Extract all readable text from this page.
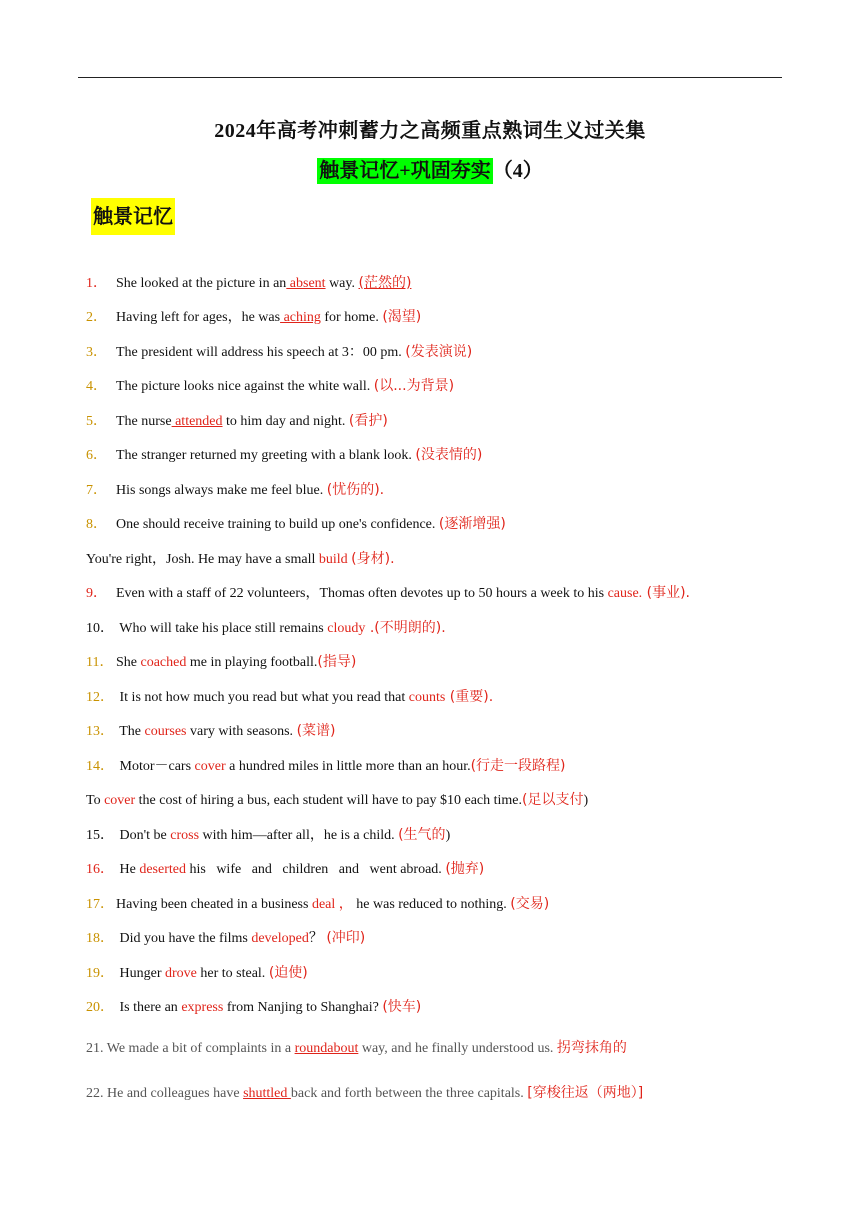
2024年高考冲刺蓄力之高频重点熟词生义过关集
触景记忆+巩固夯实 （4）
触景记忆
1． She looked at the picture in an absent way. (茫然的)
2． Having left for ages，he was aching for home. (渴望)
3． The president will address his speech at 3：00 pm. (发表演说)
4． The picture looks nice against the white wall. (以...为背景)
5． The nurse attended to him day and night. (看护)
6． The stranger returned my greeting with a blank look. (没表情的)
7． His songs always make me feel blue. (忧伤的).
8． One should receive training to build up one's confidence. (逐渐增强)
You're right，Josh. He may have a small build (身材).
9． Even with a staff of 22 volunteers，Thomas often devotes up to 50 hours a week to his cause. (事业).
10． Who will take his place still remains cloudy .(不明朗的).
11． She coached me in playing football.(指导)
12． It is not how much you read but what you read that counts (重要).
13． The courses vary with seasons. (菜谱)
14． Motor－cars cover a hundred miles in little more than an hour.(行走一段路程)
To cover the cost of hiring a bus, each student will have to pay $10 each time.(足以支付)
15． Don't be cross with him—after all，he is a child. (生气的)
16． He deserted his   wife   and   children   and   went abroad. (抛弃)
17． Having been cheated in a business deal ， he was reduced to nothing. (交易)
18． Did you have the films developed？ (冲印)
19． Hunger drove her to steal. (迫使)
20． Is there an express from Nanjing to Shanghai? (快车)
21. We made a bit of complaints in a roundabout way, and he finally understood us. 拐弯抹角的
22. He and colleagues have shuttled back and forth between the three capitals. [穿梭往返（两地）]
